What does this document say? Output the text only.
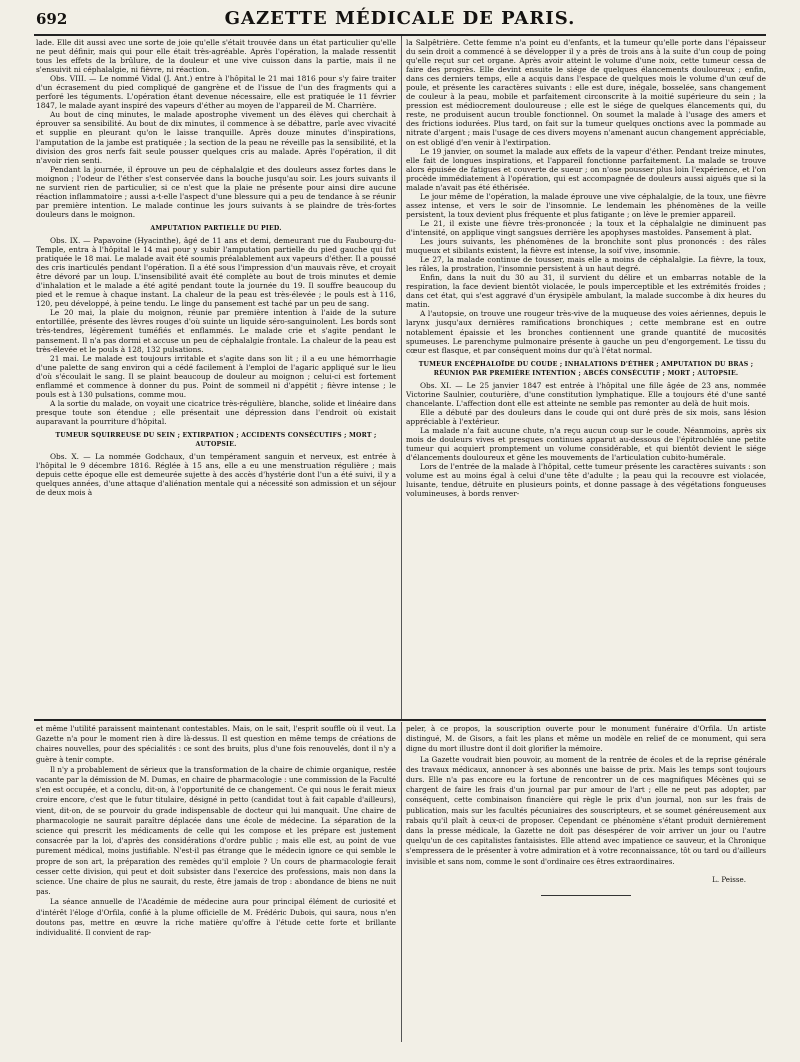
692	GAZETTE MÉDICALE DE PARIS.

lade. Elle dit aussi avec une sorte de joie qu'elle s'était trouvée dans un état particulier qu'elle ne peut définir, mais qui pour elle était très-agréable. Après l'opération, la malade ressentit tous les effets de la brûlure, de la douleur et une vive cuisson dans la partie, mais il ne s'ensuivit ni céphalalgie, ni fièvre, ni réaction.

Obs. VIII. — Le nommé Vidal (J. Ant.) entre à l'hôpital le 21 mai 1816 pour s'y faire traiter d'un écrasement du pied compliqué de gangrène et de l'issue de l'un des fragments qui a perforé les téguments. L'opération étant devenue nécessaire, elle est pratiquée le 11 février 1847, le malade ayant inspiré des vapeurs d'éther au moyen de l'appareil de M. Charrière.

Au bout de cinq minutes, le malade apostrophe vivement un des élèves qui cherchait à éprouver sa sensibilité. Au bout de dix minutes, il commence à se débattre, parle avec vivacité et supplie en pleurant qu'on le laisse tranquille. Après douze minutes d'inspirations, l'amputation de la jambe est pratiquée ; la section de la peau ne réveille pas la sensibilité, et la division des gros nerfs fait seule pousser quelques cris au malade. Après l'opération, il dit n'avoir rien senti.

Pendant la journée, il éprouve un peu de céphalalgie et des douleurs assez fortes dans le moignon ; l'odeur de l'éther s'est conservée dans la bouche jusqu'au soir. Les jours suivants il ne survient rien de particulier, si ce n'est que la plaie ne présente pour ainsi dire aucune réaction inflammatoire ; aussi a-t-elle l'aspect d'une blessure qui a peu de tendance à se réunir par première intention. Le malade continue les jours suivants à se plaindre de très-fortes douleurs dans le moignon.

AMPUTATION PARTIELLE DU PIED.

Obs. IX. — Papavoine (Hyacinthe), âgé de 11 ans et demi, demeurant rue du Faubourg-du-Temple, entra à l'hôpital le 14 mai pour y subir l'amputation partielle du pied gauche qui fut pratiquée le 18 mai. Le malade avait été soumis préalablement aux vapeurs d'éther. Il a poussé des cris inarticulés pendant l'opération. Il a été sous l'impression d'un mauvais rêve, et croyait être dévoré par un loup. L'insensibilité avait été complète au bout de trois minutes et demie d'inhalation et le malade a été agité pendant toute la journée du 19. Il souffre beaucoup du pied et le remue à chaque instant. La chaleur de la peau est très-élevée ; le pouls est à 116, 120, peu développé, à peine tendu. Le linge du pansement est taché par un peu de sang.

Le 20 mai, la plaie du moignon, réunie par première intention à l'aide de la suture entortillée, présente des lèvres rouges d'où suinte un liquide séro-sanguinolent. Les bords sont très-tendres, légèrement tuméfiés et enflammés. Le malade crie et s'agite pendant le pansement. Il n'a pas dormi et accuse un peu de céphalalgie frontale. La chaleur de la peau est très-élevée et le pouls à 128, 132 pulsations.

21 mai. Le malade est toujours irritable et s'agite dans son lit ; il a eu une hémorrhagie d'une palette de sang environ qui a cédé facilement à l'emploi de l'agaric appliqué sur le lieu d'où s'écoulait le sang. Il se plaint beaucoup de douleur au moignon ; celui-ci est fortement enflammé et commence à donner du pus. Point de sommeil ni d'appétit ; fièvre intense ; le pouls est à 130 pulsations, comme mou.

A la sortie du malade, on voyait une cicatrice très-régulière, blanche, solide et linéaire dans presque toute son étendue ; elle présentait une dépression dans l'endroit où existait auparavant la pourriture d'hôpital.

TUMEUR SQUIRREUSE DU SEIN ; EXTIRPATION ; ACCIDENTS CONSÉCUTIFS ; MORT ; AUTOPSIE.

Obs. X. — La nommée Godchaux, d'un tempérament sanguin et nerveux, est entrée à l'hôpital le 9 décembre 1816. Réglée à 15 ans, elle a eu une menstruation régulière ; mais depuis cette époque elle est demeurée sujette à des accès d'hystérie dont l'un a été suivi, il y a quelques années, d'une attaque d'aliénation mentale qui a nécessité son admission et un séjour de deux mois à

la Salpêtrière. Cette femme n'a point eu d'enfants, et la tumeur qu'elle porte dans l'épaisseur du sein droit a commencé à se développer il y a près de trois ans à la suite d'un coup de poing qu'elle reçut sur cet organe. Après avoir atteint le volume d'une noix, cette tumeur cessa de faire des progrès. Elle devint ensuite le siége de quelques élancements douloureux ; enfin, dans ces derniers temps, elle a acquis dans l'espace de quelques mois le volume d'un œuf de poule, et présente les caractères suivants : elle est dure, inégale, bosselée, sans changement de couleur à la peau, mobile et parfaitement circonscrite à la moitié supérieure du sein ; la pression est médiocrement douloureuse ; elle est le siége de quelques élancements qui, du reste, ne produisent aucun trouble fonctionnel. On soumet la malade à l'usage des amers et des frictions iodurées. Plus tard, on fait sur la tumeur quelques onctions avec la pommade au nitrate d'argent ; mais l'usage de ces divers moyens n'amenant aucun changement appréciable, on est obligé d'en venir à l'extirpation.

Le 19 janvier, on soumet la malade aux effets de la vapeur d'éther. Pendant treize minutes, elle fait de longues inspirations, et l'appareil fonctionne parfaitement. La malade se trouve alors épuisée de fatigues et couverte de sueur ; on n'ose pousser plus loin l'expérience, et l'on procède immédiatement à l'opération, qui est accompagnée de douleurs aussi aiguës que si la malade n'avait pas été éthérisée.

Le jour même de l'opération, la malade éprouve une vive céphalalgie, de la toux, une fièvre assez intense, et vers le soir de l'insomnie. Le lendemain les phénomènes de la veille persistent, la toux devient plus fréquente et plus fatigante ; on lève le premier appareil.

Le 21, il existe une fièvre très-prononcée ; la toux et la céphalalgie ne diminuent pas d'intensité, on applique vingt sangsues derrière les apophyses mastoïdes. Pansement à plat.

Les jours suivants, les phénomènes de la bronchite sont plus prononcés : des râles muqueux et sibilants existent, la fièvre est intense, la soif vive, insomnie.

Le 27, la malade continue de tousser, mais elle a moins de céphalalgie. La fièvre, la toux, les râles, la prostration, l'insomnie persistent à un haut degré.

Enfin, dans la nuit du 30 au 31, il survient du délire et un embarras notable de la respiration, la face devient bientôt violacée, le pouls imperceptible et les extrémités froides ; dans cet état, qui s'est aggravé d'un érysipèle ambulant, la malade succombe à dix heures du matin.

A l'autopsie, on trouve une rougeur très-vive de la muqueuse des voies aériennes, depuis le larynx jusqu'aux dernières ramifications bronchiques ; cette membrane est en outre notablement épaissie et les bronches contiennent une grande quantité de mucosités spumeuses. Le parenchyme pulmonaire présente à gauche un peu d'engorgement. Le tissu du cœur est flasque, et par conséquent moins dur qu'à l'état normal.

TUMEUR ENCÉPHALOÏDE DU COUDE ; INHALATIONS D'ÉTHER ; AMPUTATION DU BRAS ; RÉUNION PAR PREMIÈRE INTENTION ; ABCÈS CONSÉCUTIF ; MORT ; AUTOPSIE.

Obs. XI. — Le 25 janvier 1847 est entrée à l'hôpital une fille âgée de 23 ans, nommée Victorine Saulnier, couturière, d'une constitution lymphatique. Elle a toujours été d'une santé chancelante. L'affection dont elle est atteinte ne semble pas remonter au delà de huit mois.

Elle a débuté par des douleurs dans le coude qui ont duré près de six mois, sans lésion appréciable à l'extérieur.

La malade n'a fait aucune chute, n'a reçu aucun coup sur le coude. Néanmoins, après six mois de douleurs vives et presques continues apparut au-dessous de l'épitrochlée une petite tumeur qui acquiert promptement un volume considérable, et qui bientôt devient le siége d'élancements douloureux et gêne les mouvements de l'articulation cubito-humérale.

Lors de l'entrée de la malade à l'hôpital, cette tumeur présente les caractères suivants : son volume est au moins égal à celui d'une tête d'adulte ; la peau qui la recouvre est violacée, luisante, tendue, détruite en plusieurs points, et donne passage à des végétations fongueuses volumineuses, à bords renver-

et même l'utilité paraissent maintenant contestables. Mais, on le sait, l'esprit souffle où il veut. La Gazette n'a pour le moment rien à dire là-dessus. Il est question en même temps de créations de chaires nouvelles, pour des spécialités : ce sont des bruits, plus d'une fois renouvelés, dont il n'y a guère à tenir compte.

Il n'y a probablement de sérieux que la transformation de la chaire de chimie organique, restée vacante par la démission de M. Dumas, en chaire de pharmacologie : une commission de la Faculté s'en est occupée, et a conclu, dit-on, à l'opportunité de ce changement. Ce qui nous le ferait mieux croire encore, c'est que le futur titulaire, désigné in petto (candidat tout à fait capable d'ailleurs), vient, dit-on, de se pourvoir du grade indispensable de docteur qui lui manquait. Une chaire de pharmacologie ne saurait paraître déplacée dans une école de médecine. La séparation de la science qui prescrit les médicaments de celle qui les compose et les prépare est justement consacrée par la loi, d'après des considérations d'ordre public ; mais elle est, au point de vue purement médical, moins justifiable. N'est-il pas étrange que le médecin ignore ce qui semble le propre de son art, la préparation des remèdes qu'il emploie ? Un cours de pharmacologie ferait cesser cette division, qui peut et doit subsister dans l'exercice des professions, mais non dans la science. Une chaire de plus ne saurait, du reste, être jamais de trop : abondance de biens ne nuit pas.

La séance annuelle de l'Académie de médecine aura pour principal élément de curiosité et d'intérêt l'éloge d'Orfila, confié à la plume officielle de M. Frédéric Dubois, qui saura, nous n'en doutons pas, mettre en œuvre la riche matière qu'offre à l'étude cette forte et brillante individualité. Il convient de rap-

peler, à ce propos, la souscription ouverte pour le monument funéraire d'Orfila. Un artiste distingué, M. de Gisors, a fait les plans et même un modèle en relief de ce monument, qui sera digne du mort illustre dont il doit glorifier la mémoire.

La Gazette voudrait bien pouvoir, au moment de la rentrée de écoles et de la reprise générale des travaux médicaux, annoncer à ses abonnés une baisse de prix. Mais les temps sont toujours durs. Elle n'a pas encore eu la fortune de rencontrer un de ces magnifiques Mécènes qui se chargent de faire les frais d'un journal par pur amour de l'art ; elle ne peut pas adopter, par conséquent, cette combinaison financière qui règle le prix d'un journal, non sur les frais de publication, mais sur les facultés pécuniaires des souscripteurs, et se soumet généreusement aux rabais qu'il plaît à ceux-ci de proposer. Cependant ce phénomène s'étant produit dernièrement dans la presse médicale, la Gazette ne doit pas désespérer de voir arriver un jour ou l'autre quelqu'un de ces capitalistes fantaisistes. Elle attend avec impatience ce sauveur, et la Chronique s'empressera de le présenter à votre admiration et à votre reconnaissance, tôt ou tard ou d'ailleurs invisible et sans nom, comme le sont d'ordinaire ces êtres extraordinaires.

L. Peisse.
